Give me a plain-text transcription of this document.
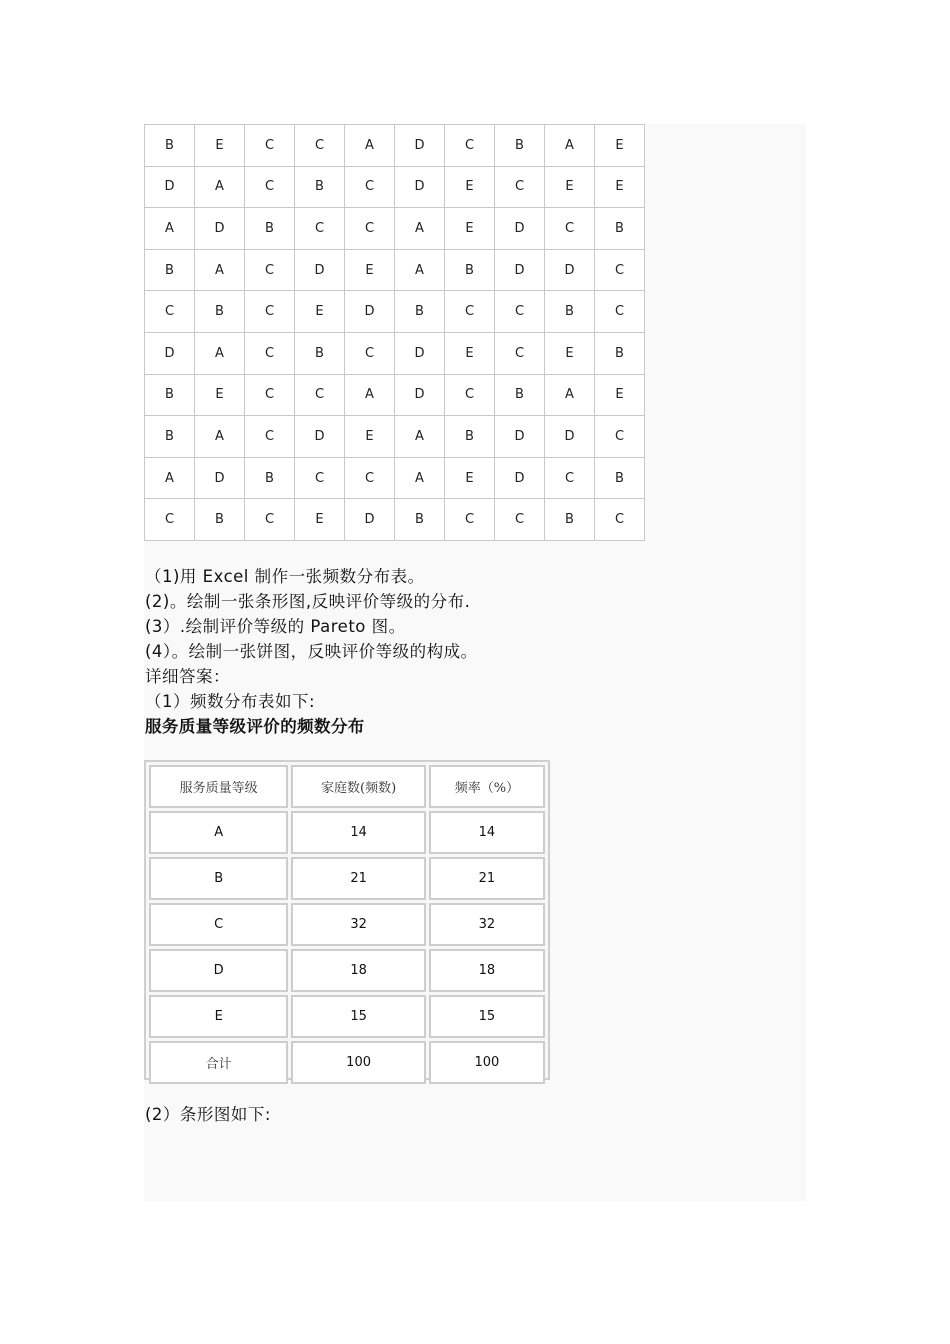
B	E	C	C	A	D	C	B	A	E
D	A	C	B	C	D	E	C	E	E
A	D	B	C	C	A	E	D	C	B
B	A	C	D	E	A	B	D	D	C
C	B	C	E	D	B	C	C	B	C
D	A	C	B	C	D	E	C	E	B
B	E	C	C	A	D	C	B	A	E
B	A	C	D	E	A	B	D	D	C
A	D	B	C	C	A	E	D	C	B
C	B	C	E	D	B	C	C	B	C
（1)用 Excel 制作一张频数分布表。
(2)。绘制一张条形图,反映评价等级的分布.
(3）.绘制评价等级的 Pareto 图。
(4）。绘制一张饼图，反映评价等级的构成。
详细答案：
（1）频数分布表如下:
服务质量等级评价的频数分布
服务质量等级	家庭数(频数)	频率（%）
A	14	14
B	21	21
C	32	32
D	18	18
E	15	15
合计	100	100
(2）条形图如下:
